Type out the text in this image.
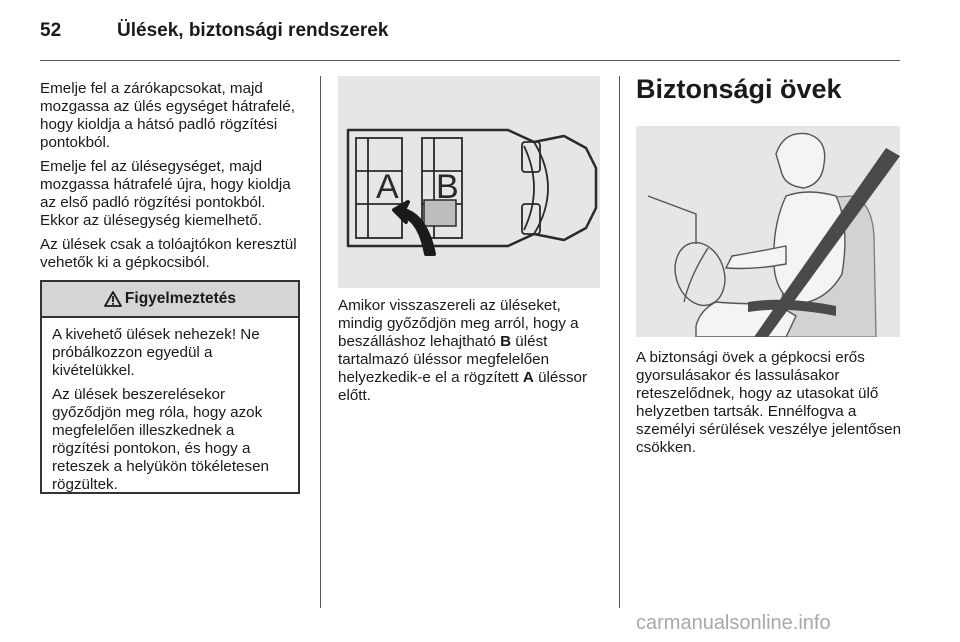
52	Ülések, biztonsági rendszerek

Emelje fel a zárókapcsokat, majd mozgassa az ülés egységet hátrafelé, hogy kioldja a hátsó padló rögzítési pontokból.

Emelje fel az ülésegységet, majd mozgassa hátrafelé újra, hogy kioldja az első padló rögzítési pontokból. Ekkor az ülésegység kiemelhető.

Az ülések csak a tolóajtókon keresztül vehetők ki a gépkocsiból.

Figyelmeztetés

A kivehető ülések nehezek! Ne próbálkozzon egyedül a kivételükkel.

Az ülések beszerelésekor győződjön meg róla, hogy azok megfelelően illeszkednek a rögzítési pontokon, és hogy a reteszek a helyükön tökéletesen rögzültek.

A B

Amikor visszaszereli az üléseket, mindig győződjön meg arról, hogy a beszálláshoz lehajtható B ülést tartalmazó üléssor megfelelően helyezkedik-e el a rögzített A üléssor előtt.

Biztonsági övek

A biztonsági övek a gépkocsi erős gyorsulásakor és lassulásakor reteszelődnek, hogy az utasokat ülő helyzetben tartsák. Ennélfogva a személyi sérülések veszélye jelentősen csökken.

carmanualsonline.info
